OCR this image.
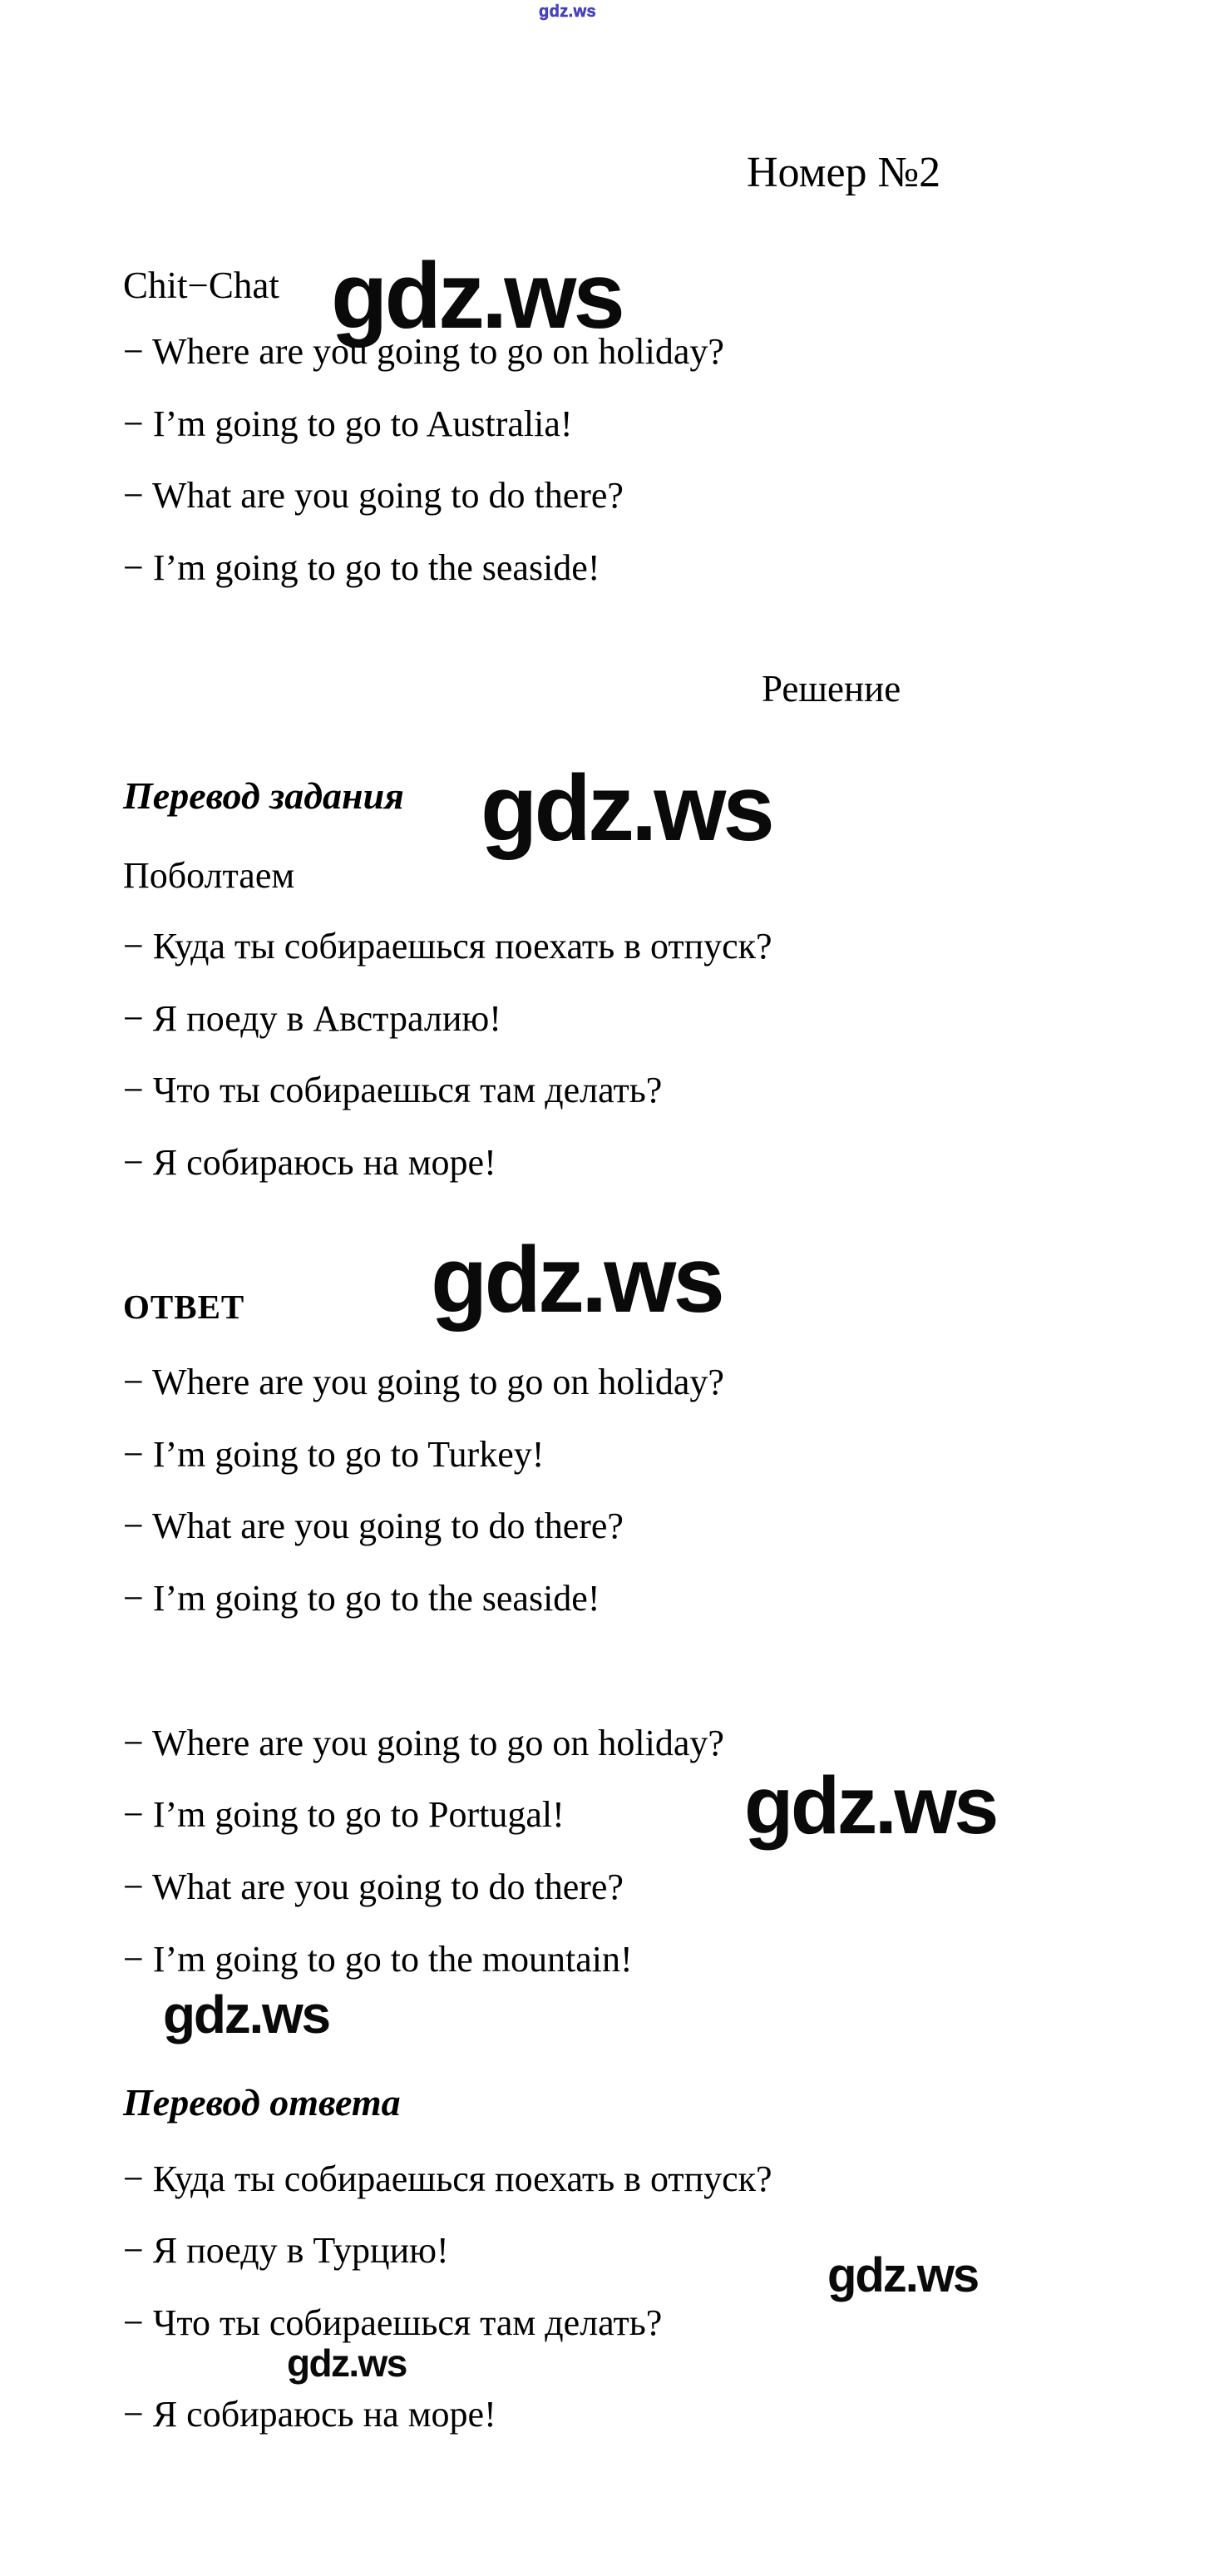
gdz.ws
Номер №2
Chit−Chat gdz.ws
− Where are you going to go on holiday?
− I’m going to go to Australia!
− What are you going to do there?
− I’m going to go to the seaside!
Решение
Перевод задания gdz.ws
Поболтаем
− Куда ты собираешься поехать в отпуск?
− Я поеду в Австралию!
− Что ты собираешься там делать?
− Я собираюсь на море!
ОТВЕТ gdz.ws
− Where are you going to go on holiday?
− I’m going to go to Turkey!
− What are you going to do there?
− I’m going to go to the seaside!
− Where are you going to go on holiday?
− I’m going to go to Portugal! gdz.ws
− What are you going to do there?
− I’m going to go to the mountain!
gdz.ws
Перевод ответа
− Куда ты собираешься поехать в отпуск?
− Я поеду в Турцию!	gdz.ws
− Что ты собираешься там делать?
gdz.ws
− Я собираюсь на море!
